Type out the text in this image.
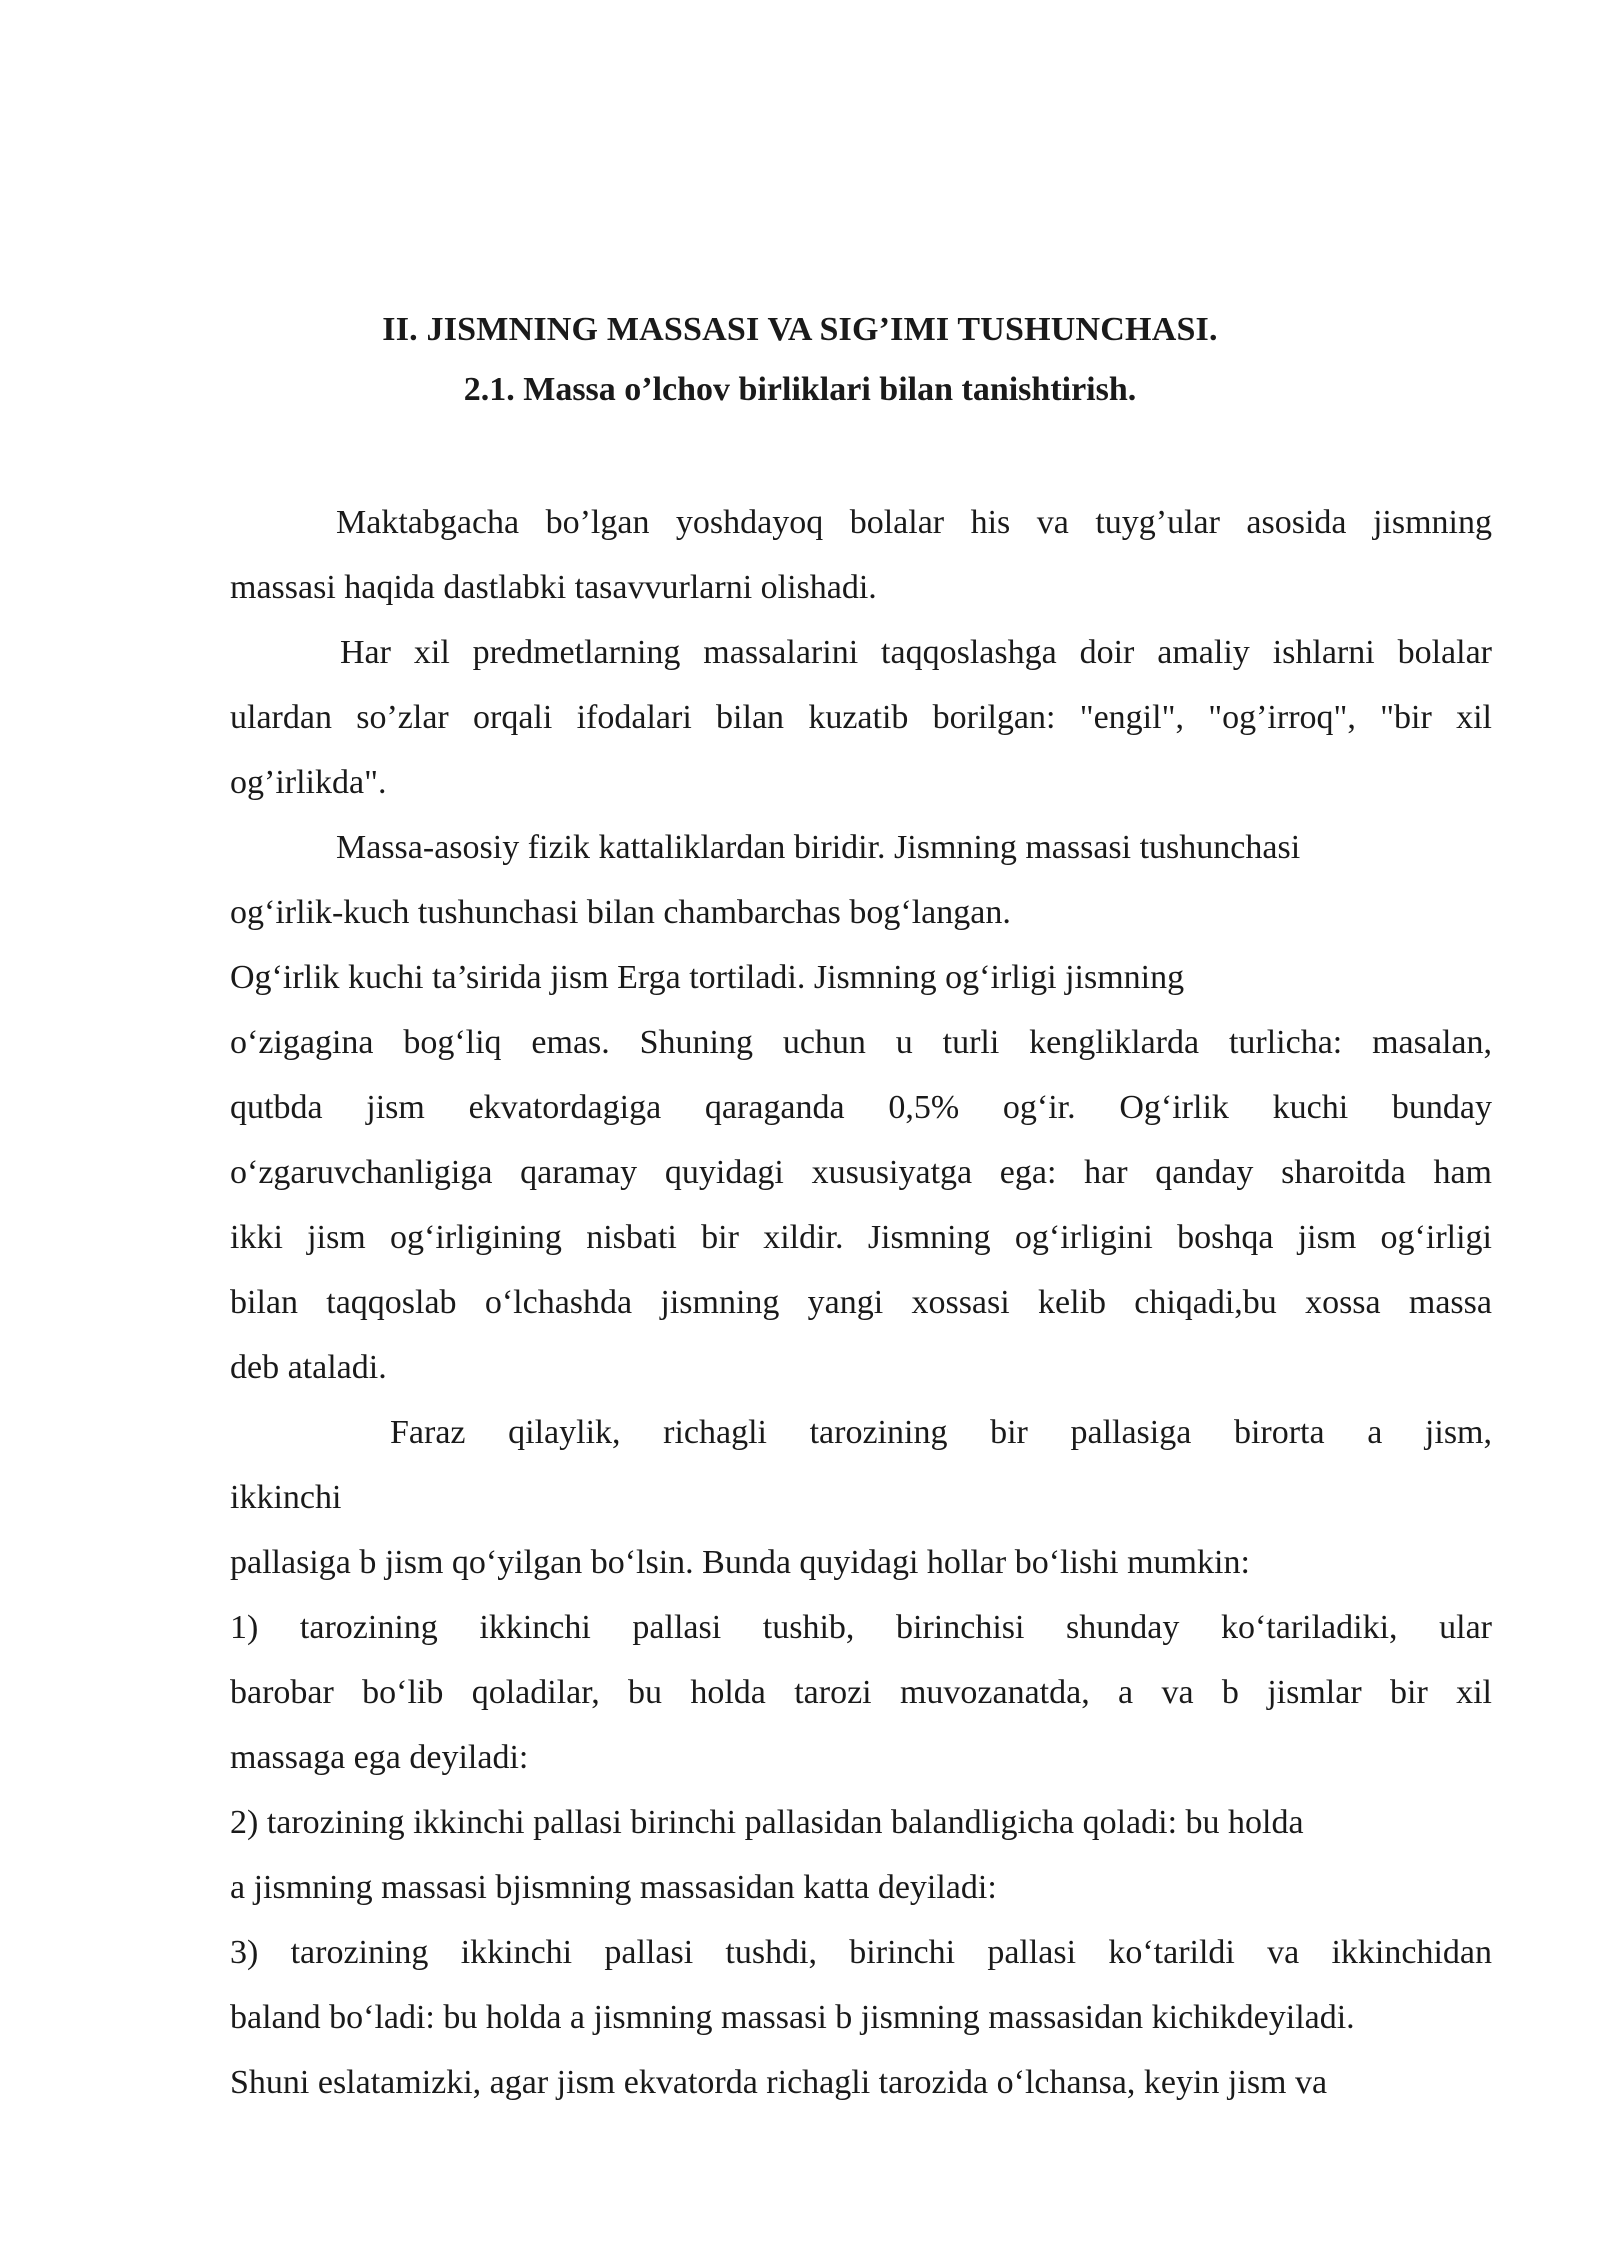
II. JISMNING MASSASI VA SIG’IMI TUSHUNCHASI.
2.1. Massa o’lchov birliklari bilan tanishtirish.
Maktabgacha bo’lgan yoshdayoq bolalar his va tuyg’ular asosida jismning
massasi haqida dastlabki tasavvurlarni olishadi.
Har xil predmetlarning massalarini taqqoslashga doir amaliy ishlarni bolalar
ulardan so’zlar orqali ifodalari bilan kuzatib borilgan: "engil", "og’irroq", "bir xil
og’irlikda".
Massa-asosiy fizik kattaliklardan biridir. Jismning massasi tushunchasi
og‘irlik-kuch tushunchasi bilan chambarchas bog‘langan.
Og‘irlik kuchi ta’sirida jism Erga tortiladi. Jismning og‘irligi jismning
o‘zigagina bog‘liq emas. Shuning uchun u turli kengliklarda turlicha: masalan,
qutbda jism ekvatordagiga qaraganda 0,5% og‘ir. Og‘irlik kuchi bunday
o‘zgaruvchanligiga qaramay quyidagi xususiyatga ega: har qanday sharoitda ham
ikki jism og‘irligining nisbati bir xildir. Jismning og‘irligini boshqa jism og‘irligi
bilan taqqoslab o‘lchashda jismning yangi xossasi kelib chiqadi,bu xossa massa
deb ataladi.
Faraz qilaylik, richagli tarozining bir pallasiga birorta a jism,
ikkinchi
pallasiga b jism qo‘yilgan bo‘lsin. Bunda quyidagi hollar bo‘lishi mumkin:
1) tarozining ikkinchi pallasi tushib, birinchisi shunday ko‘tariladiki, ular
barobar bo‘lib qoladilar, bu holda tarozi muvozanatda, a va b jismlar bir xil
massaga ega deyiladi:
2) tarozining ikkinchi pallasi birinchi pallasidan balandligicha qoladi: bu holda
a jismning massasi bjismning massasidan katta deyiladi:
3) tarozining ikkinchi pallasi tushdi, birinchi pallasi ko‘tarildi va ikkinchidan
baland bo‘ladi: bu holda a jismning massasi b jismning massasidan kichikdeyiladi.
Shuni eslatamizki, agar jism ekvatorda richagli tarozida o‘lchansa, keyin jism va
